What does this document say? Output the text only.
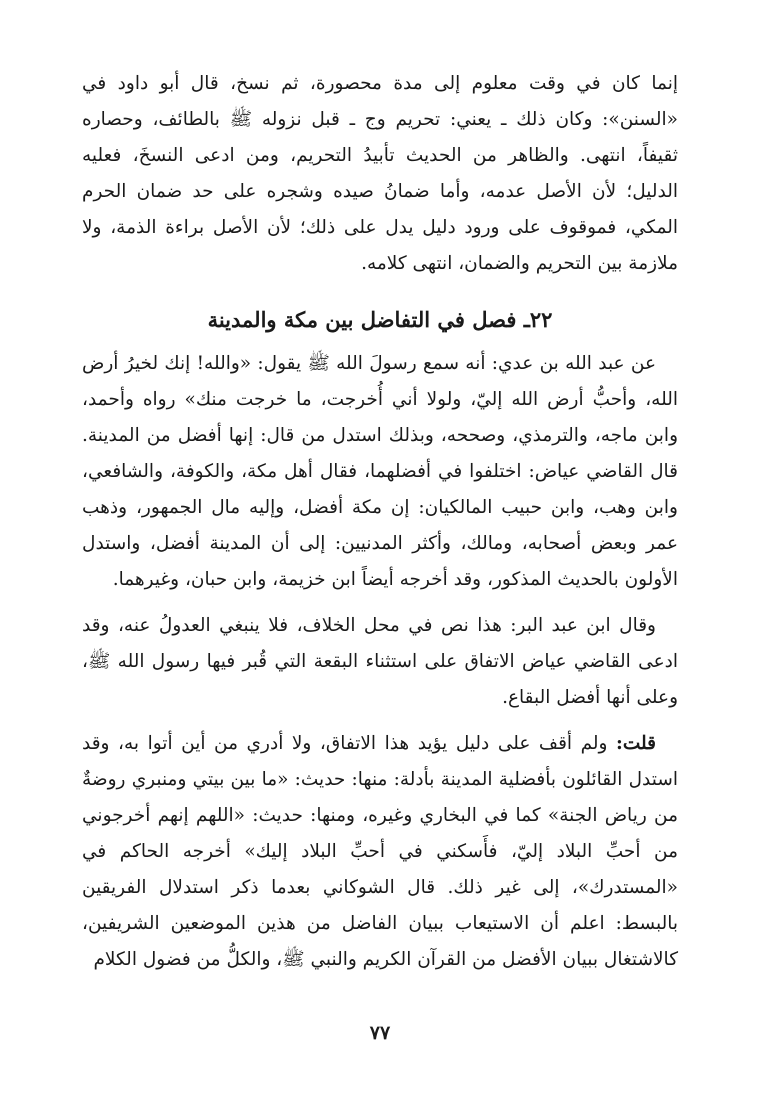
إنما كان في وقت معلوم إلى مدة محصورة، ثم نسخ، قال أبو داود في «السنن»: وكان ذلك ـ يعني: تحريم وج ـ قبل نزوله ﷺ بالطائف، وحصاره ثقيفاً، انتهى. والظاهر من الحديث تأبيدُ التحريم، ومن ادعى النسخَ، فعليه الدليل؛ لأن الأصل عدمه، وأما ضمانُ صيده وشجره على حد ضمان الحرم المكي، فموقوف على ورود دليل يدل على ذلك؛ لأن الأصل براءة الذمة، ولا ملازمة بين التحريم والضمان، انتهى كلامه.

٢٢ـ فصل في التفاضل بين مكة والمدينة

عن عبد الله بن عدي: أنه سمع رسولَ الله ﷺ يقول: «والله! إنك لخيرُ أرض الله، وأحبُّ أرض الله إليّ، ولولا أني أُخرجت، ما خرجت منك» رواه وأحمد، وابن ماجه، والترمذي، وصححه، وبذلك استدل من قال: إنها أفضل من المدينة. قال القاضي عياض: اختلفوا في أفضلهما، فقال أهل مكة، والكوفة، والشافعي، وابن وهب، وابن حبيب المالكيان: إن مكة أفضل، وإليه مال الجمهور، وذهب عمر وبعض أصحابه، ومالك، وأكثر المدنيين: إلى أن المدينة أفضل، واستدل الأولون بالحديث المذكور، وقد أخرجه أيضاً ابن خزيمة، وابن حبان، وغيرهما.

وقال ابن عبد البر: هذا نص في محل الخلاف، فلا ينبغي العدولُ عنه، وقد ادعى القاضي عياض الاتفاق على استثناء البقعة التي قُبر فيها رسول الله ﷺ، وعلى أنها أفضل البقاع.

قلت: ولم أقف على دليل يؤيد هذا الاتفاق، ولا أدري من أين أتوا به، وقد استدل القائلون بأفضلية المدينة بأدلة: منها: حديث: «ما بين بيتي ومنبري روضةٌ من رياض الجنة» كما في البخاري وغيره، ومنها: حديث: «اللهم إنهم أخرجوني من أحبِّ البلاد إليّ، فأَسكني في أحبِّ البلاد إليك» أخرجه الحاكم في «المستدرك»، إلى غير ذلك. قال الشوكاني بعدما ذكر استدلال الفريقين بالبسط: اعلم أن الاستيعاب ببيان الفاضل من هذين الموضعين الشريفين، كالاشتغال ببيان الأفضل من القرآن الكريم والنبي ﷺ، والكلُّ من فضول الكلام

٧٧
